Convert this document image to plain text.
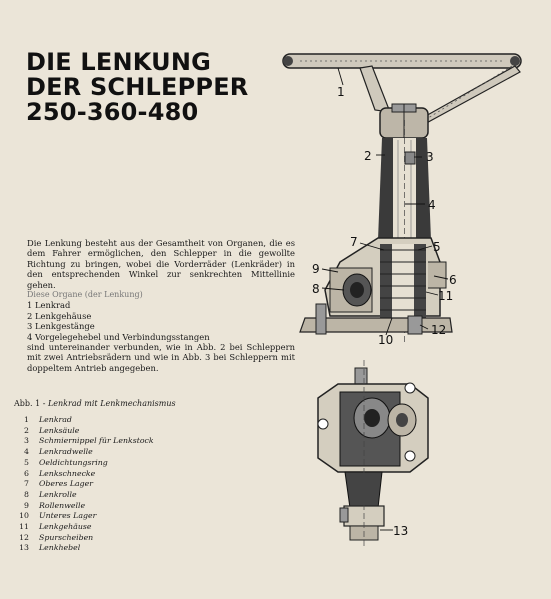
DIE LENKUNG
DER SCHLEPPER
250-360-480
Die Lenkung besteht aus der Gesamtheit von Organen, die es dem Fahrer ermöglichen, den Schlepper in die gewollte Richtung zu bringen, wobei die Vorderräder (Lenkräder) in den entsprechenden Winkel zur senkrechten Mittellinie gehen.
Diese Organe (der Lenkung)
1 Lenkrad
2 Lenkgehäuse
3 Lenkgestänge
4 Vorgelegehebel und Verbindungsstangen
sind untereinander verbunden, wie in Abb. 2 bei Schleppern mit zwei Antriebsrädern und wie in Abb. 3 bei Schleppern mit doppeltem Antrieb angegeben.
Abb. 1 - Lenkrad mit Lenkmechanismus
1 Lenkrad
2 Lenksäule
3 Schmiernippel für Lenkstock
4 Lenkradwelle
5 Oeldichtungsring
6 Lenkschnecke
7 Oberes Lager
8 Lenkrolle
9 Rollenwelle
10 Unteres Lager
11 Lenkgehäuse
12 Spurscheiben
13 Lenkhebel
1
2	3
4
7	5
6
9
8	11
10
12
13
